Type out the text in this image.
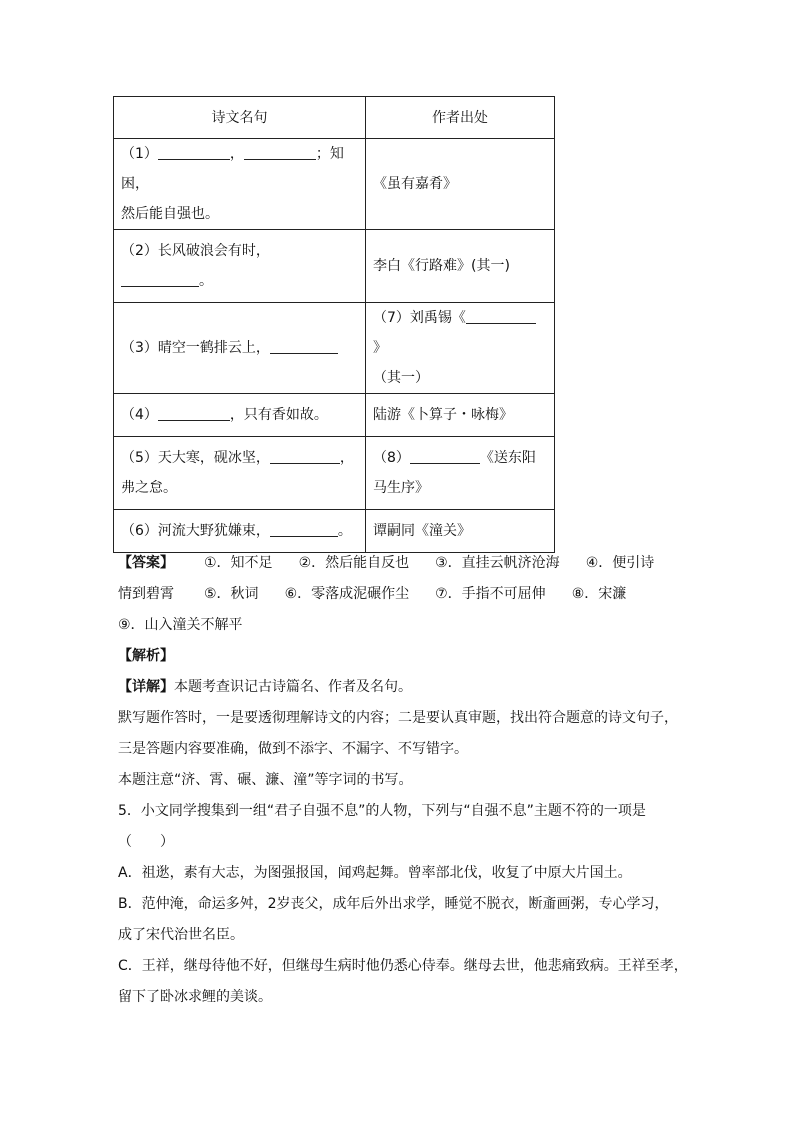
诗文名句	作者出处
（1） ， ；知困，
然后能自强也。	《虽有嘉肴》
（2）长风破浪会有时，
。	李白《行路难》(其一)
（3）晴空一鹤排云上，	（7）刘禹锡《》
（其一）
（4） ，只有香如故。	陆游《卜算子・咏梅》
（5）天大寒，砚冰坚， ，
弗之怠。	（8） 《送东阳
马生序》
（6）河流大野犹嫌束， 。	谭嗣同《潼关》
【答案】 ①．知不足 ②．然后能自反也 ③．直挂云帆济沧海 ④．便引诗
情到碧霄 ⑤．秋词 ⑥．零落成泥碾作尘 ⑦．手指不可屈伸 ⑧．宋濂
⑨．山入潼关不解平
【解析】
【详解】本题考查识记古诗篇名、作者及名句。
默写题作答时，一是要透彻理解诗文的内容；二是要认真审题，找出符合题意的诗文句子，
三是答题内容要准确，做到不添字、不漏字、不写错字。
本题注意“济、霄、碾、濂、潼”等字词的书写。
5．小文同学搜集到一组“君子自强不息”的人物，下列与“自强不息”主题不符的一项是
（　　）
A．祖逖，素有大志，为图强报国，闻鸡起舞。曾率部北伐，收复了中原大片国土。
B．范仲淹，命运多舛，2岁丧父，成年后外出求学，睡觉不脱衣，断齑画粥，专心学习，
成了宋代治世名臣。
C．王祥，继母待他不好，但继母生病时他仍悉心侍奉。继母去世，他悲痛致病。王祥至孝，
留下了卧冰求鲤的美谈。
